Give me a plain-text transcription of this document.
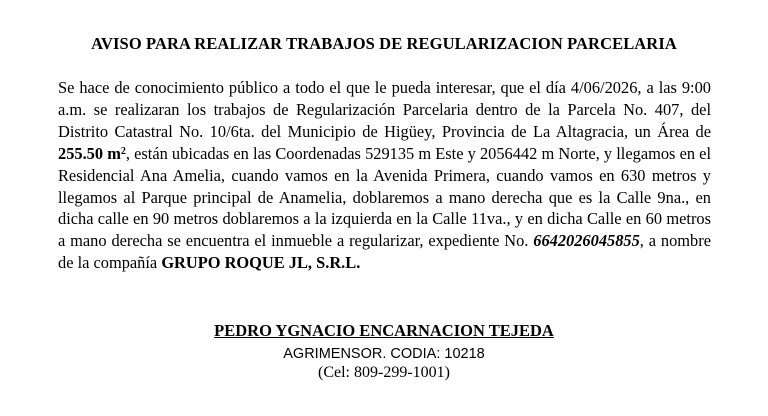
AVISO PARA REALIZAR TRABAJOS DE REGULARIZACION PARCELARIA
Se hace de conocimiento público a todo el que le pueda interesar, que el día 4/06/2026, a las 9:00 a.m. se realizaran los trabajos de Regularización Parcelaria dentro de la Parcela No. 407, del Distrito Catastral No. 10/6ta. del Municipio de Higüey, Provincia de La Altagracia, un Área de 255.50 $m^2$, están ubicadas en las Coordenadas 529135 m Este y 2056442 m Norte, y llegamos en el Residencial Ana Amelia, cuando vamos en la Avenida Primera, cuando vamos en 630 metros y llegamos al Parque principal de Anamelia, doblaremos a mano derecha que es la Calle 9na., en dicha calle en 90 metros doblaremos a la izquierda en la Calle 11va., y en dicha Calle en 60 metros a mano derecha se encuentra el inmueble a regularizar, expediente No. 6642026045855, a nombre de la compañía GRUPO ROQUE JL, S.R.L.
PEDRO YGNACIO ENCARNACION TEJEDA
AGRIMENSOR. CODIA: 10218
(Cel: 809-299-1001)
